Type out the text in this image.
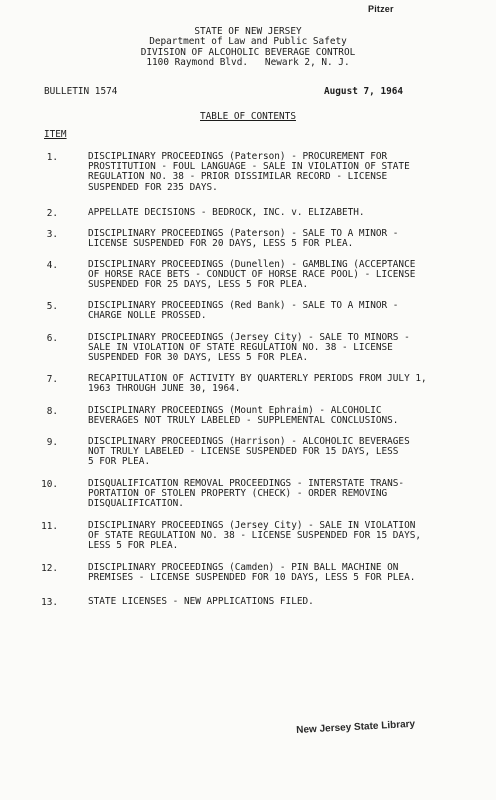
Pitzer
STATE OF NEW JERSEY
Department of Law and Public Safety
DIVISION OF ALCOHOLIC BEVERAGE CONTROL
1100 Raymond Blvd.   Newark 2, N. J.
BULLETIN 1574	August 7, 1964
TABLE OF CONTENTS
ITEM
1.	DISCIPLINARY PROCEEDINGS (Paterson) - PROCUREMENT FOR
PROSTITUTION - FOUL LANGUAGE - SALE IN VIOLATION OF STATE
REGULATION NO. 38 - PRIOR DISSIMILAR RECORD - LICENSE
SUSPENDED FOR 235 DAYS.
2.	APPELLATE DECISIONS - BEDROCK, INC. v. ELIZABETH.
3.	DISCIPLINARY PROCEEDINGS (Paterson) - SALE TO A MINOR -
LICENSE SUSPENDED FOR 20 DAYS, LESS 5 FOR PLEA.
4.	DISCIPLINARY PROCEEDINGS (Dunellen) - GAMBLING (ACCEPTANCE
OF HORSE RACE BETS - CONDUCT OF HORSE RACE POOL) - LICENSE
SUSPENDED FOR 25 DAYS, LESS 5 FOR PLEA.
5.	DISCIPLINARY PROCEEDINGS (Red Bank) - SALE TO A MINOR -
CHARGE NOLLE PROSSED.
6.	DISCIPLINARY PROCEEDINGS (Jersey City) - SALE TO MINORS -
SALE IN VIOLATION OF STATE REGULATION NO. 38 - LICENSE
SUSPENDED FOR 30 DAYS, LESS 5 FOR PLEA.
7.	RECAPITULATION OF ACTIVITY BY QUARTERLY PERIODS FROM JULY 1,
1963 THROUGH JUNE 30, 1964.
8.	DISCIPLINARY PROCEEDINGS (Mount Ephraim) - ALCOHOLIC
BEVERAGES NOT TRULY LABELED - SUPPLEMENTAL CONCLUSIONS.
9.	DISCIPLINARY PROCEEDINGS (Harrison) - ALCOHOLIC BEVERAGES
NOT TRULY LABELED - LICENSE SUSPENDED FOR 15 DAYS, LESS
5 FOR PLEA.
10.	DISQUALIFICATION REMOVAL PROCEEDINGS - INTERSTATE TRANS-
PORTATION OF STOLEN PROPERTY (CHECK) - ORDER REMOVING
DISQUALIFICATION.
11.	DISCIPLINARY PROCEEDINGS (Jersey City) - SALE IN VIOLATION
OF STATE REGULATION NO. 38 - LICENSE SUSPENDED FOR 15 DAYS,
LESS 5 FOR PLEA.
12.	DISCIPLINARY PROCEEDINGS (Camden) - PIN BALL MACHINE ON
PREMISES - LICENSE SUSPENDED FOR 10 DAYS, LESS 5 FOR PLEA.
13.	STATE LICENSES - NEW APPLICATIONS FILED.
New Jersey State Library
